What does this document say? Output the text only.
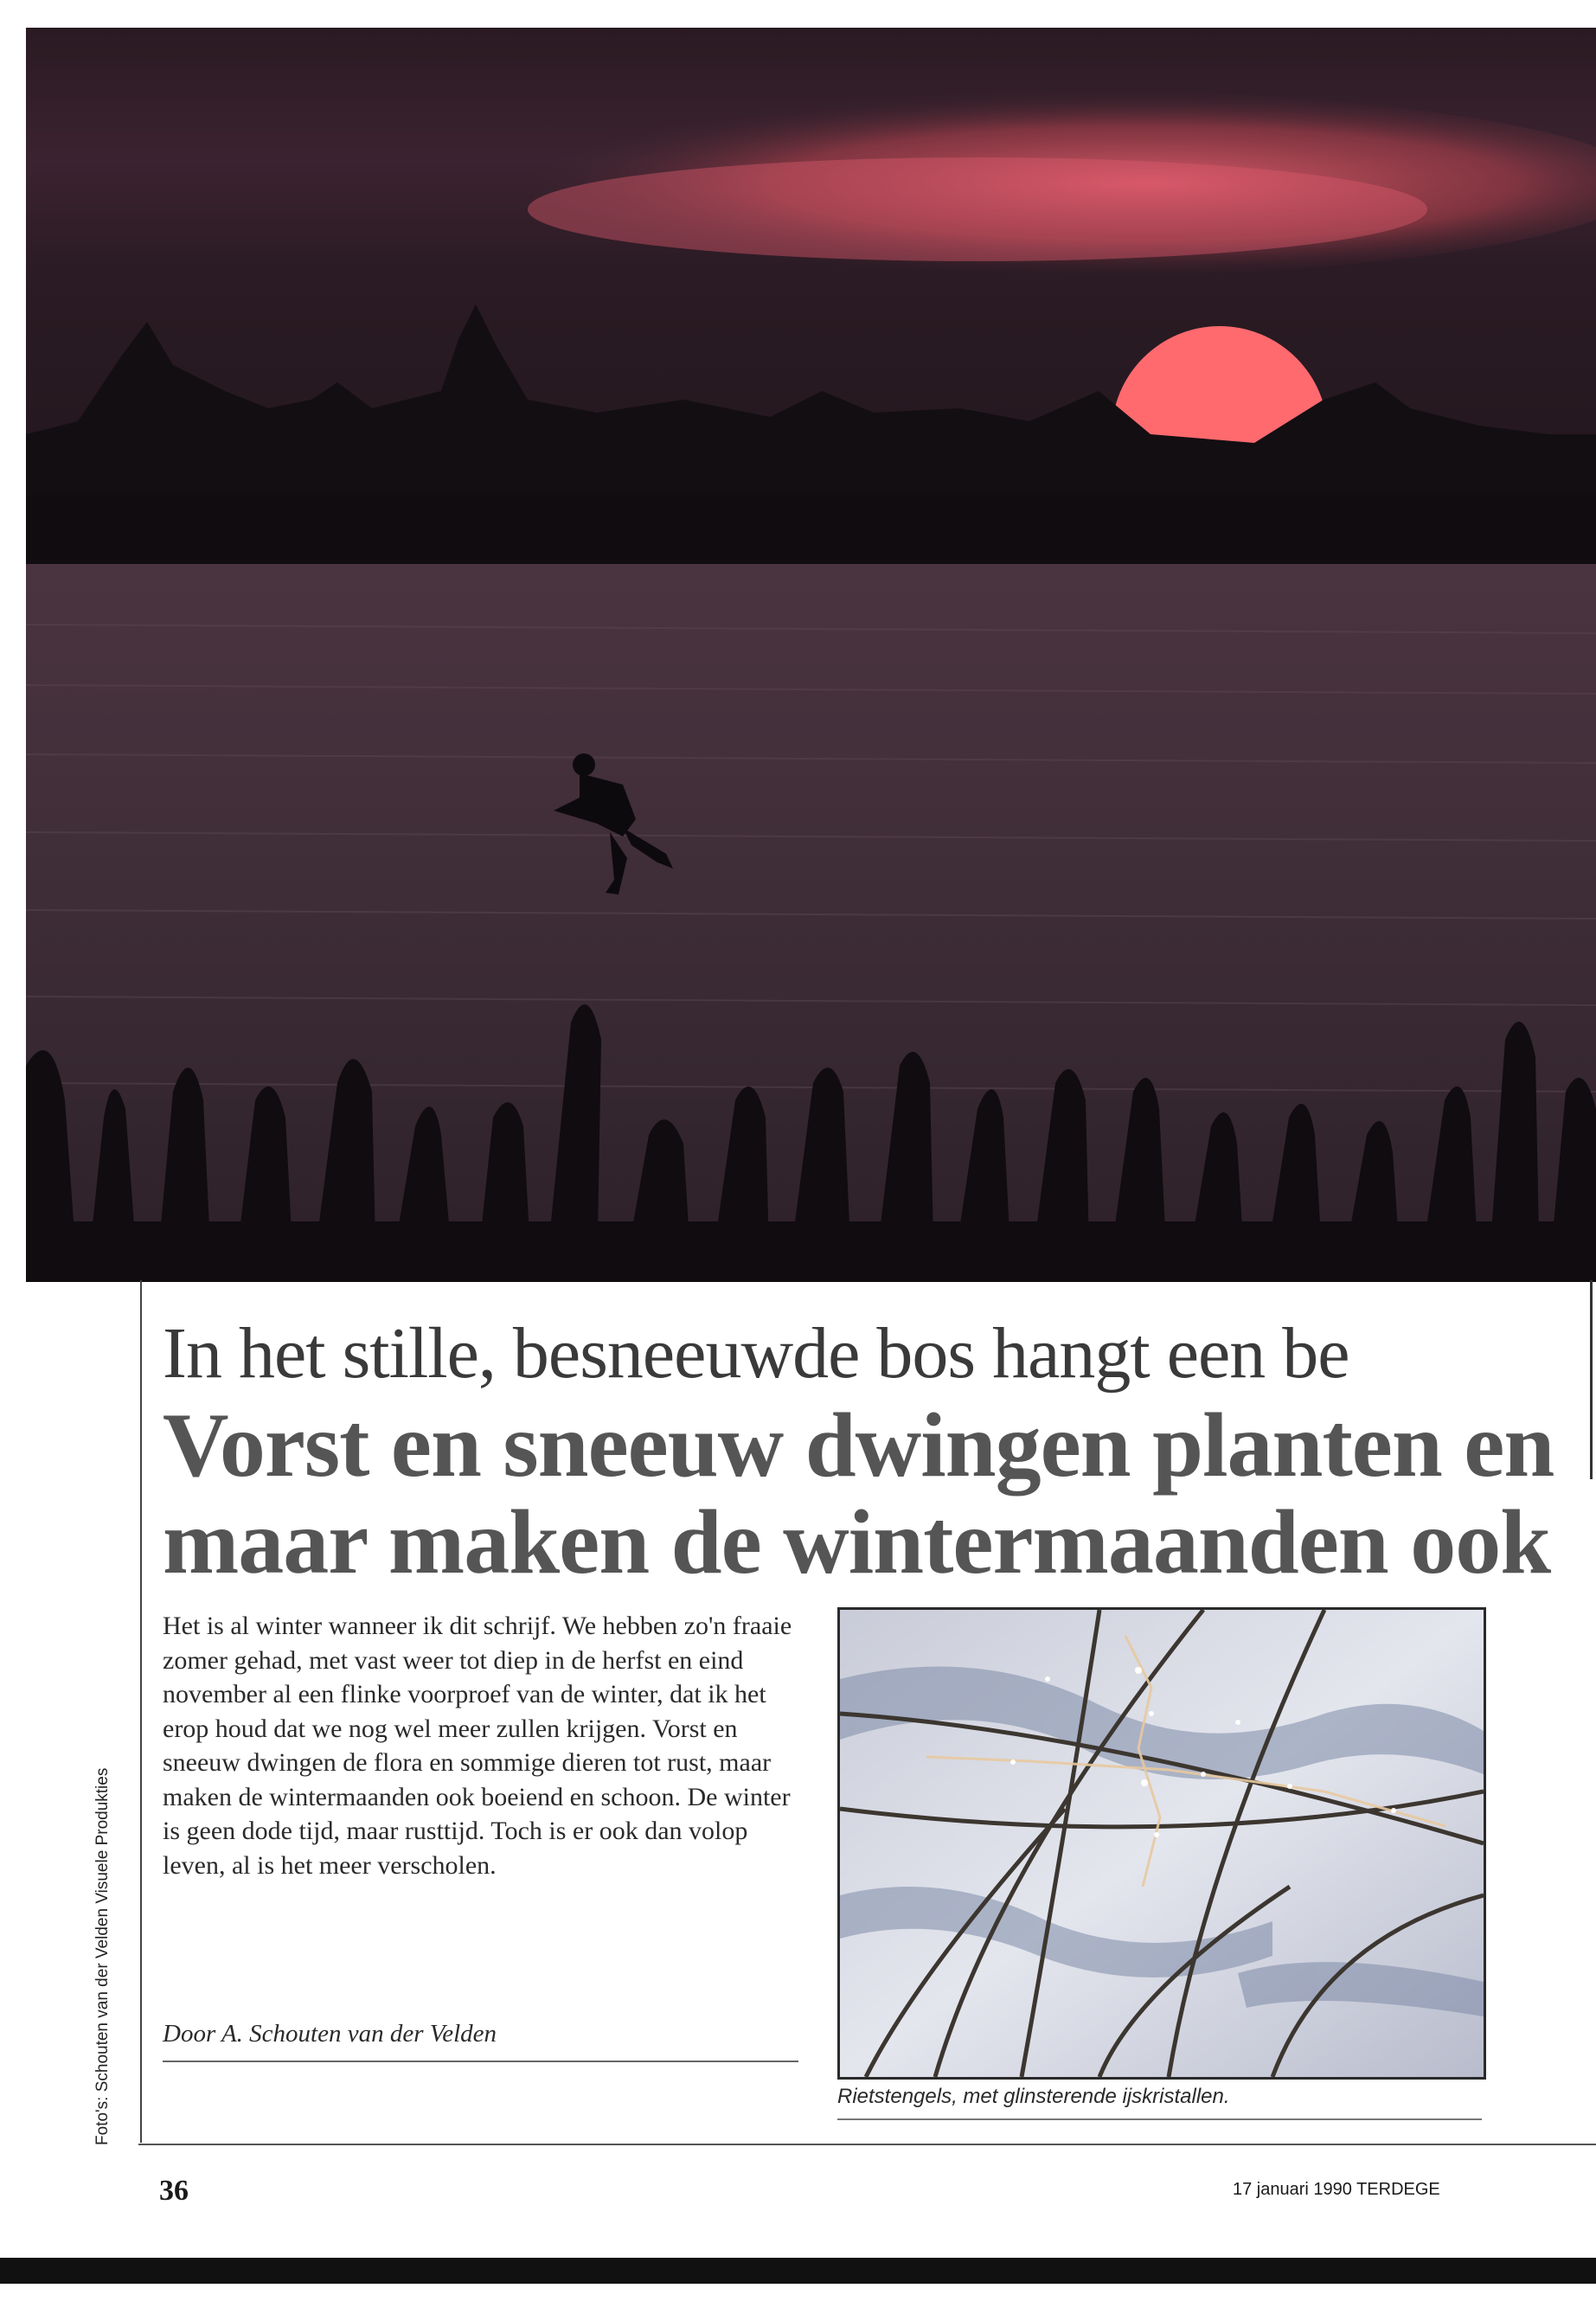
Foto's: Schouten van der Velden Visuele Produkties
In het stille, besneeuwde bos hangt een be
Vorst en sneeuw dwingen planten en
maar maken de wintermaanden ook

Het is al winter wanneer ik dit schrijf. We hebben zo'n fraaie zomer gehad, met vast weer tot diep in de herfst en eind november al een flinke voorproef van de winter, dat ik het erop houd dat we nog wel meer zullen krijgen. Vorst en sneeuw dwingen de flora en sommige dieren tot rust, maar maken de wintermaanden ook boeiend en schoon. De winter is geen dode tijd, maar rusttijd. Toch is er ook dan volop leven, al is het meer verscholen.

Door A. Schouten van der Velden
Rietstengels, met glinsterende ijskristallen.
36	17 januari 1990 TERDEGE
